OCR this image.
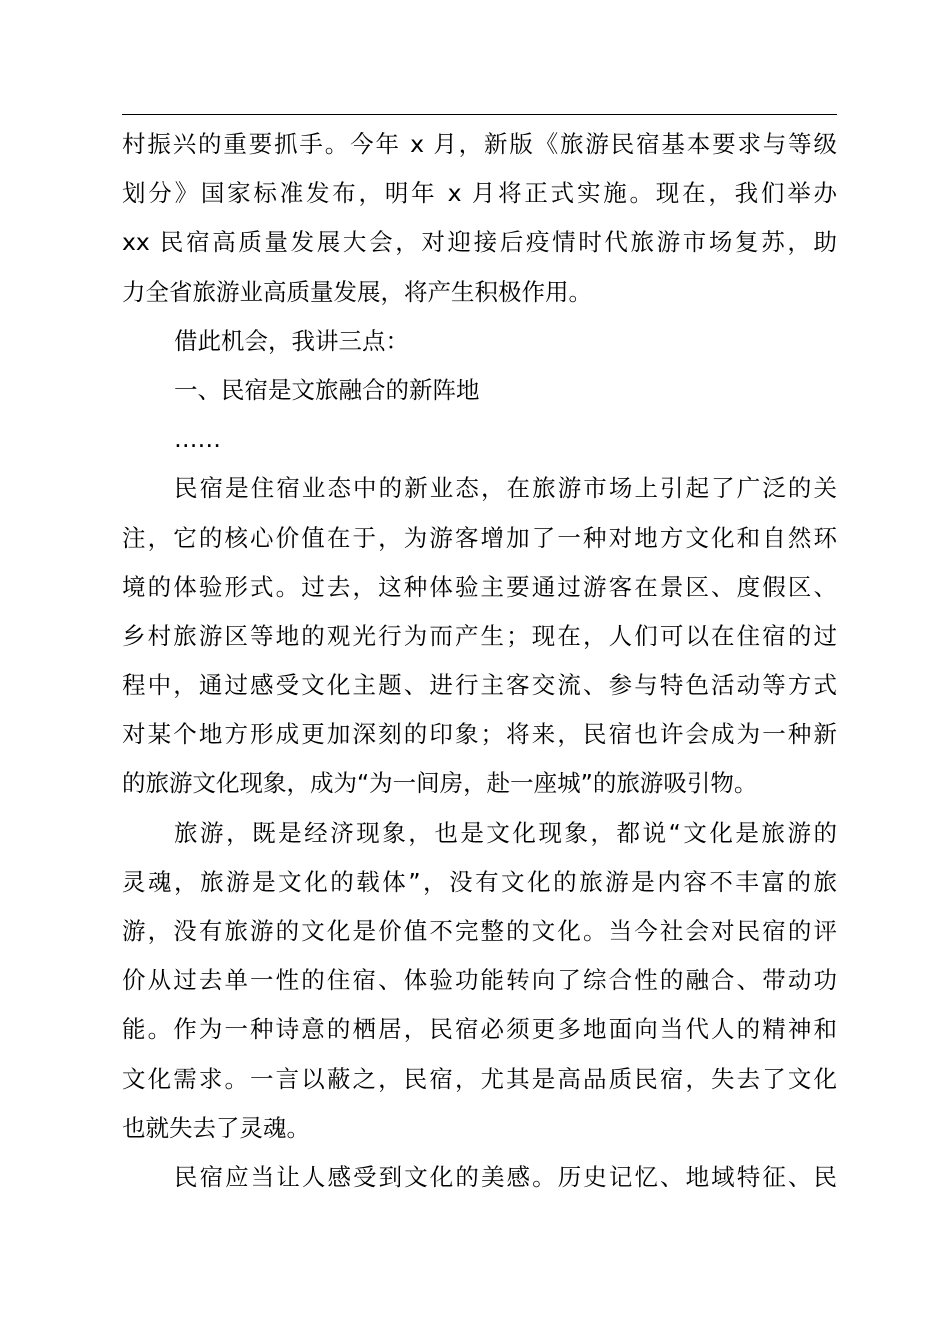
村振兴的重要抓手。今年 x 月，新版《旅游民宿基本要求与等级
划分》国家标准发布，明年 x 月将正式实施。现在，我们举办
xx 民宿高质量发展大会，对迎接后疫情时代旅游市场复苏，助
力全省旅游业高质量发展，将产生积极作用。
借此机会，我讲三点：
一、民宿是文旅融合的新阵地
……
民宿是住宿业态中的新业态，在旅游市场上引起了广泛的关
注，它的核心价值在于，为游客增加了一种对地方文化和自然环
境的体验形式。过去，这种体验主要通过游客在景区、度假区、
乡村旅游区等地的观光行为而产生；现在，人们可以在住宿的过
程中，通过感受文化主题、进行主客交流、参与特色活动等方式
对某个地方形成更加深刻的印象；将来，民宿也许会成为一种新
的旅游文化现象，成为“为一间房，赴一座城”的旅游吸引物。
旅游，既是经济现象，也是文化现象，都说“文化是旅游的
灵魂，旅游是文化的载体”，没有文化的旅游是内容不丰富的旅
游，没有旅游的文化是价值不完整的文化。当今社会对民宿的评
价从过去单一性的住宿、体验功能转向了综合性的融合、带动功
能。作为一种诗意的栖居，民宿必须更多地面向当代人的精神和
文化需求。一言以蔽之，民宿，尤其是高品质民宿，失去了文化
也就失去了灵魂。
民宿应当让人感受到文化的美感。历史记忆、地域特征、民
